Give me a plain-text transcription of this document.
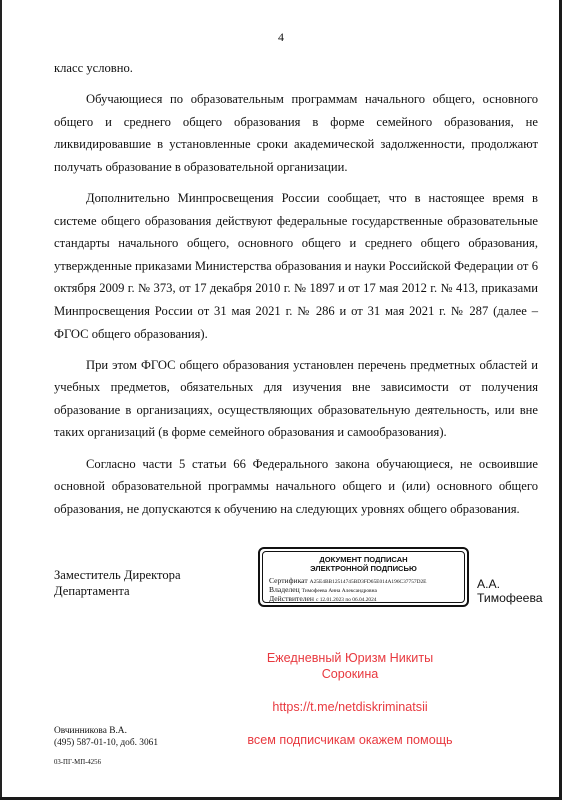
4

класс условно.

Обучающиеся по образовательным программам начального общего, основного общего и среднего общего образования в форме семейного образования, не ликвидировавшие в установленные сроки академической задолженности, продолжают получать образование в образовательной организации.

Дополнительно Минпросвещения России сообщает, что в настоящее время в системе общего образования действуют федеральные государственные образовательные стандарты начального общего, основного общего и среднего общего образования, утвержденные приказами Министерства образования и науки Российской Федерации от 6 октября 2009 г. № 373, от 17 декабря 2010 г. № 1897 и от 17 мая 2012 г. № 413, приказами Минпросвещения России от 31 мая 2021 г. № 286 и от 31 мая 2021 г. № 287 (далее – ФГОС общего образования).

При этом ФГОС общего образования установлен перечень предметных областей и учебных предметов, обязательных для изучения вне зависимости от получения образование в организациях, осуществляющих образовательную деятельность, или вне таких организаций (в форме семейного образования и самообразования).

Согласно части 5 статьи 66 Федерального закона обучающиеся, не освоившие основной образовательной программы начального общего и (или) основного общего образования, не допускаются к обучению на следующих уровнях общего образования.

Заместитель Директора
Департамента
ДОКУМЕНТ ПОДПИСАН
ЭЛЕКТРОННОЙ ПОДПИСЬЮ
Сертификат A25E4BB12514745BD3FD65E014A196C37757D2E
Владелец Тимофеева Анна Александровна
Действителен с 12.01.2023 по 06.04.2024
А.А. Тимофеева
Ежедневный Юризм Никиты
Сорокина
https://t.me/netdiskriminatsii
всем подписчикам окажем помощь
Овчинникова В.А.
(495) 587-01-10, доб. 3061
03-ПГ-МП-4256
